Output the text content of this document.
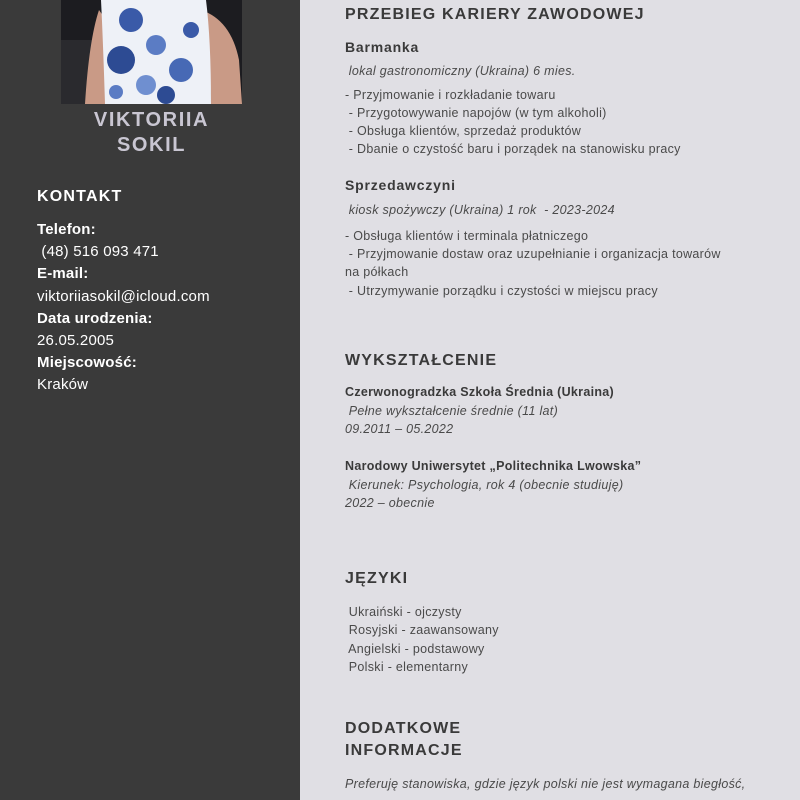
VIKTORIIA
SOKIL
KONTAKT
Telefon:
(48) 516 093 471
E-mail:
viktoriiasokil@icloud.com
Data urodzenia:
26.05.2005
Miejscowość:
Kraków
PRZEBIEG KARIERY ZAWODOWEJ
Barmanka
lokal gastronomiczny (Ukraina) 6 mies.
- Przyjmowanie i rozkładanie towaru
- Przygotowywanie napojów (w tym alkoholi)
- Obsługa klientów, sprzedaż produktów
- Dbanie o czystość baru i porządek na stanowisku pracy
Sprzedawczyni
kiosk spożywczy (Ukraina) 1 rok  - 2023-2024
- Obsługa klientów i terminala płatniczego
- Przyjmowanie dostaw oraz uzupełnianie i organizacja towarów
na półkach
- Utrzymywanie porządku i czystości w miejscu pracy
WYKSZTAŁCENIE
Czerwonogradzka Szkoła Średnia (Ukraina)
Pełne wykształcenie średnie (11 lat)
09.2011 – 05.2022
Narodowy Uniwersytet „Politechnika Lwowska”
Kierunek: Psychologia, rok 4 (obecnie studiuję)
2022 – obecnie
JĘZYKI
Ukraiński - ojczysty
Rosyjski - zaawansowany
Angielski - podstawowy
Polski - elementarny
DODATKOWE
INFORMACJE
Preferuję stanowiska, gdzie język polski nie jest wymagana biegłość,
